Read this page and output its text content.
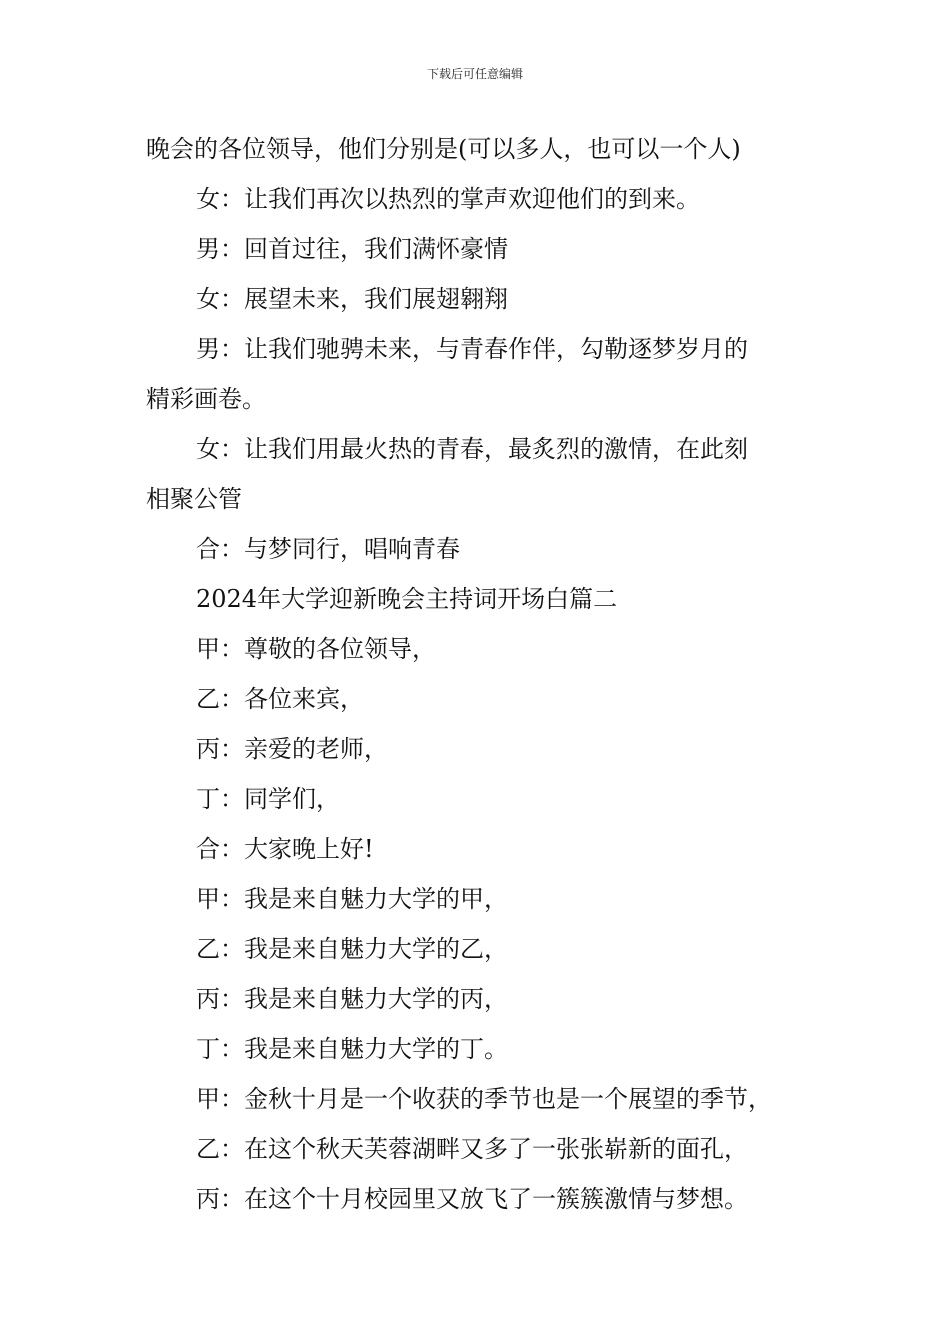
下载后可任意编辑
晚会的各位领导，他们分别是(可以多人，也可以一个人)
女：让我们再次以热烈的掌声欢迎他们的到来。
男：回首过往，我们满怀豪情
女：展望未来，我们展翅翱翔
男：让我们驰骋未来，与青春作伴，勾勒逐梦岁月的
精彩画卷。
女：让我们用最火热的青春，最炙烈的激情，在此刻
相聚公管
合：与梦同行，唱响青春
2024年大学迎新晚会主持词开场白篇二
甲：尊敬的各位领导，
乙：各位来宾，
丙：亲爱的老师，
丁：同学们，
合：大家晚上好!
甲：我是来自魅力大学的甲，
乙：我是来自魅力大学的乙，
丙：我是来自魅力大学的丙，
丁：我是来自魅力大学的丁。
甲：金秋十月是一个收获的季节也是一个展望的季节，
乙：在这个秋天芙蓉湖畔又多了一张张崭新的面孔，
丙：在这个十月校园里又放飞了一簇簇激情与梦想。
